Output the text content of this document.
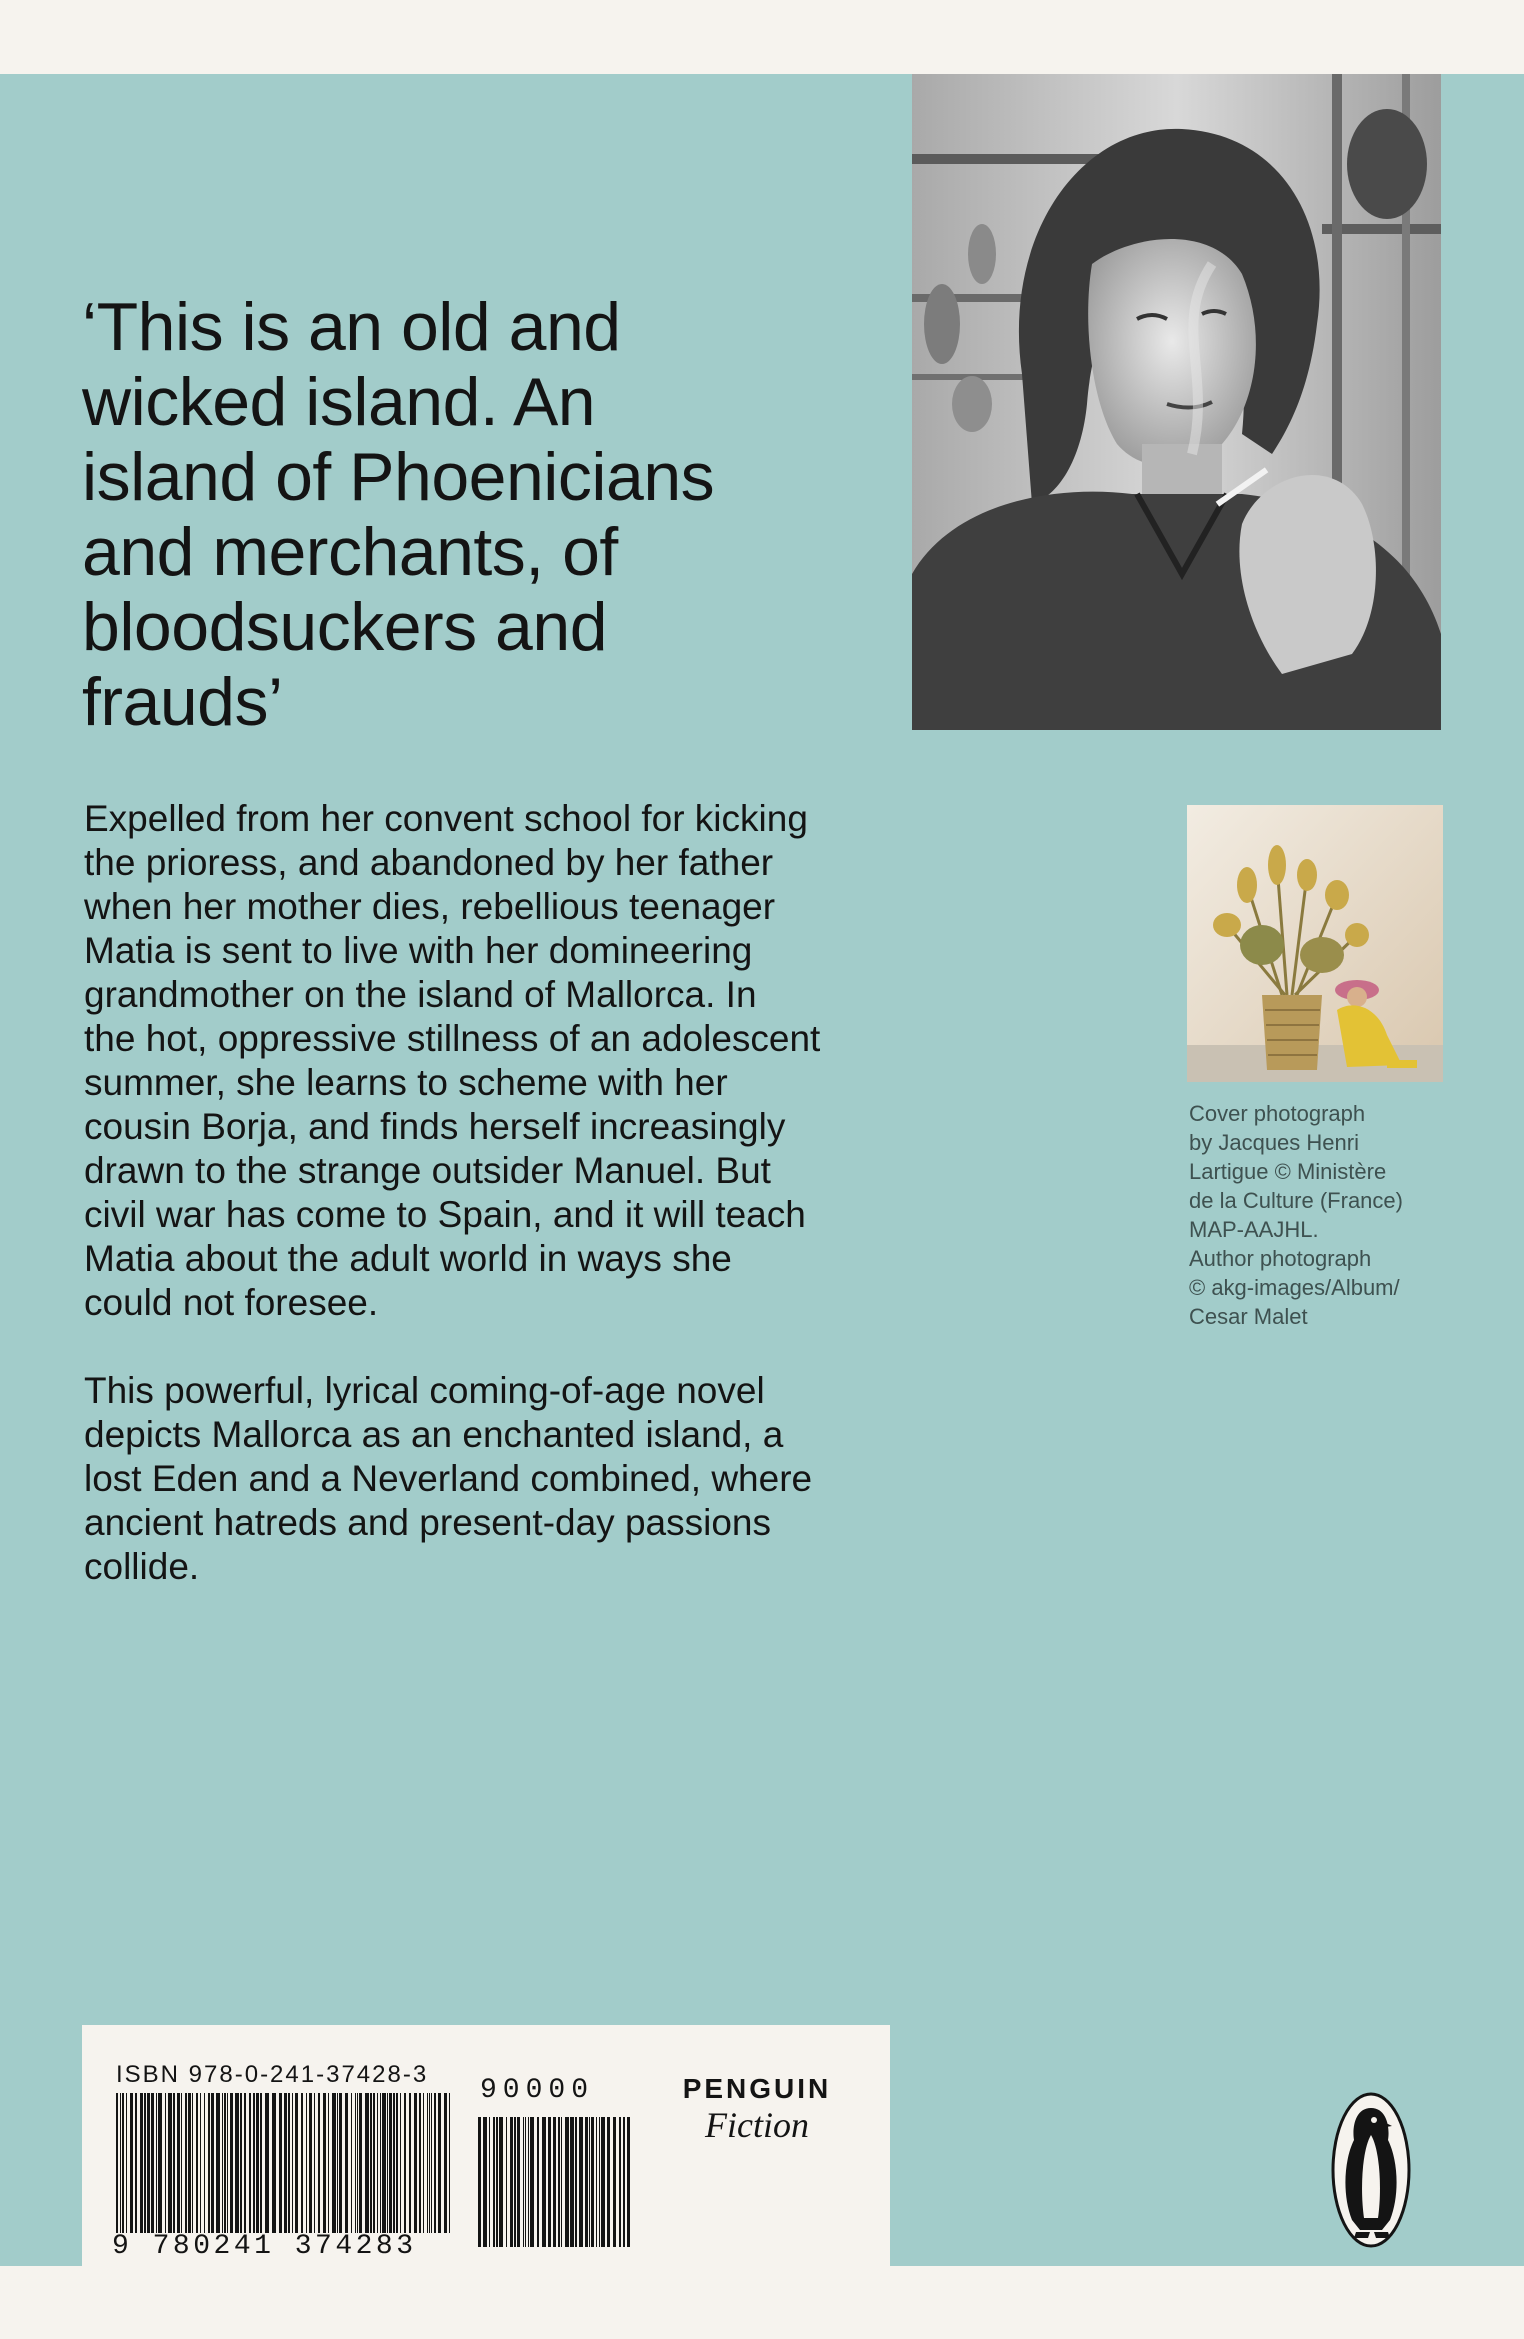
‘This is an old and
wicked island. An
island of Phoenicians
and merchants, of
bloodsuckers and
frauds’

Expelled from her convent school for kicking
the prioress, and abandoned by her father
when her mother dies, rebellious teenager
Matia is sent to live with her domineering
grandmother on the island of Mallorca. In
the hot, oppressive stillness of an adolescent
summer, she learns to scheme with her
cousin Borja, and finds herself increasingly
drawn to the strange outsider Manuel. But
civil war has come to Spain, and it will teach
Matia about the adult world in ways she
could not foresee.

This powerful, lyrical coming-of-age novel
depicts Mallorca as an enchanted island, a
lost Eden and a Neverland combined, where
ancient hatreds and present-day passions
collide.

Cover photograph
by Jacques Henri
Lartigue © Ministère
de la Culture (France)
MAP-AAJHL.
Author photograph
© akg-images/Album/
Cesar Malet
ISBN 978-0-241-37428-3
90000
9 780241 374283
PENGUIN
Fiction
